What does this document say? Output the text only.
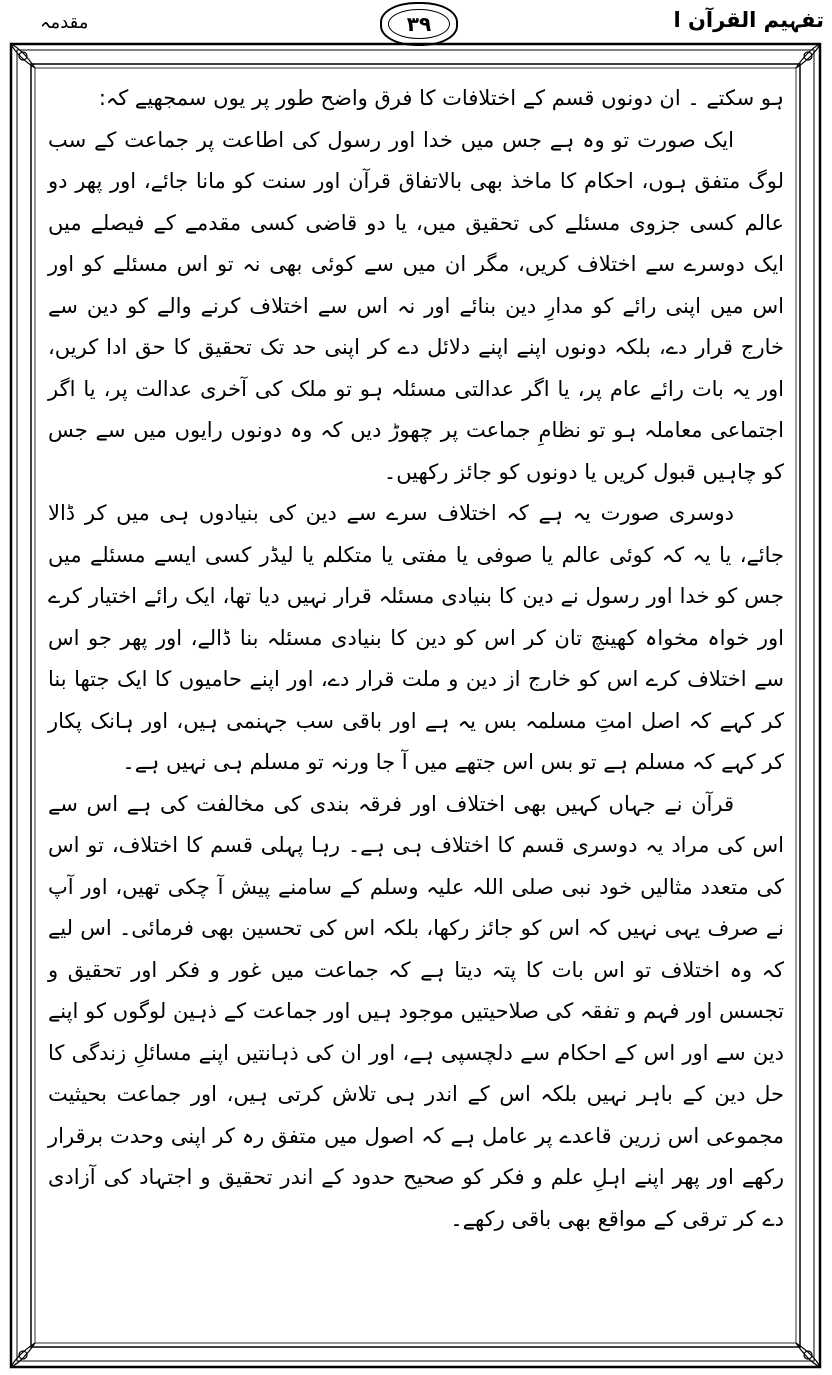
مقدمہ	۳۹	تفہیم القرآن ا

ہو سکتے ۔ ان دونوں قسم کے اختلافات کا فرق واضح طور پر یوں سمجھیے کہ:

ایک صورت تو وہ ہے جس میں خدا اور رسول کی اطاعت پر جماعت کے سب لوگ متفق ہوں، احکام کا ماخذ بھی بالاتفاق قرآن اور سنت کو مانا جائے، اور پھر دو عالم کسی جزوی مسئلے کی تحقیق میں، یا دو قاضی کسی مقدمے کے فیصلے میں ایک دوسرے سے اختلاف کریں، مگر ان میں سے کوئی بھی نہ تو اس مسئلے کو اور اس میں اپنی رائے کو مدارِ دین بنائے اور نہ اس سے اختلاف کرنے والے کو دین سے خارج قرار دے، بلکہ دونوں اپنے اپنے دلائل دے کر اپنی حد تک تحقیق کا حق ادا کریں، اور یہ بات رائے عام پر، یا اگر عدالتی مسئلہ ہو تو ملک کی آخری عدالت پر، یا اگر اجتماعی معاملہ ہو تو نظامِ جماعت پر چھوڑ دیں کہ وہ دونوں رایوں میں سے جس کو چاہیں قبول کریں یا دونوں کو جائز رکھیں۔

دوسری صورت یہ ہے کہ اختلاف سرے سے دین کی بنیادوں ہی میں کر ڈالا جائے، یا یہ کہ کوئی عالم یا صوفی یا مفتی یا متکلم یا لیڈر کسی ایسے مسئلے میں جس کو خدا اور رسول نے دین کا بنیادی مسئلہ قرار نہیں دیا تھا، ایک رائے اختیار کرے اور خواہ مخواہ کھینچ تان کر اس کو دین کا بنیادی مسئلہ بنا ڈالے، اور پھر جو اس سے اختلاف کرے اس کو خارج از دین و ملت قرار دے، اور اپنے حامیوں کا ایک جتھا بنا کر کہے کہ اصل امتِ مسلمہ بس یہ ہے اور باقی سب جہنمی ہیں، اور ہانک پکار کر کہے کہ مسلم ہے تو بس اس جتھے میں آ جا ورنہ تو مسلم ہی نہیں ہے۔

قرآن نے جہاں کہیں بھی اختلاف اور فرقہ بندی کی مخالفت کی ہے اس سے اس کی مراد یہ دوسری قسم کا اختلاف ہی ہے۔ رہا پہلی قسم کا اختلاف، تو اس کی متعدد مثالیں خود نبی صلی اللہ علیہ وسلم کے سامنے پیش آ چکی تھیں، اور آپ نے صرف یہی نہیں کہ اس کو جائز رکھا، بلکہ اس کی تحسین بھی فرمائی۔ اس لیے کہ وہ اختلاف تو اس بات کا پتہ دیتا ہے کہ جماعت میں غور و فکر اور تحقیق و تجسس اور فہم و تفقہ کی صلاحیتیں موجود ہیں اور جماعت کے ذہین لوگوں کو اپنے دین سے اور اس کے احکام سے دلچسپی ہے، اور ان کی ذہانتیں اپنے مسائلِ زندگی کا حل دین کے باہر نہیں بلکہ اس کے اندر ہی تلاش کرتی ہیں، اور جماعت بحیثیت مجموعی اس زرین قاعدے پر عامل ہے کہ اصول میں متفق رہ کر اپنی وحدت برقرار رکھے اور پھر اپنے اہلِ علم و فکر کو صحیح حدود کے اندر تحقیق و اجتہاد کی آزادی دے کر ترقی کے مواقع بھی باقی رکھے۔
